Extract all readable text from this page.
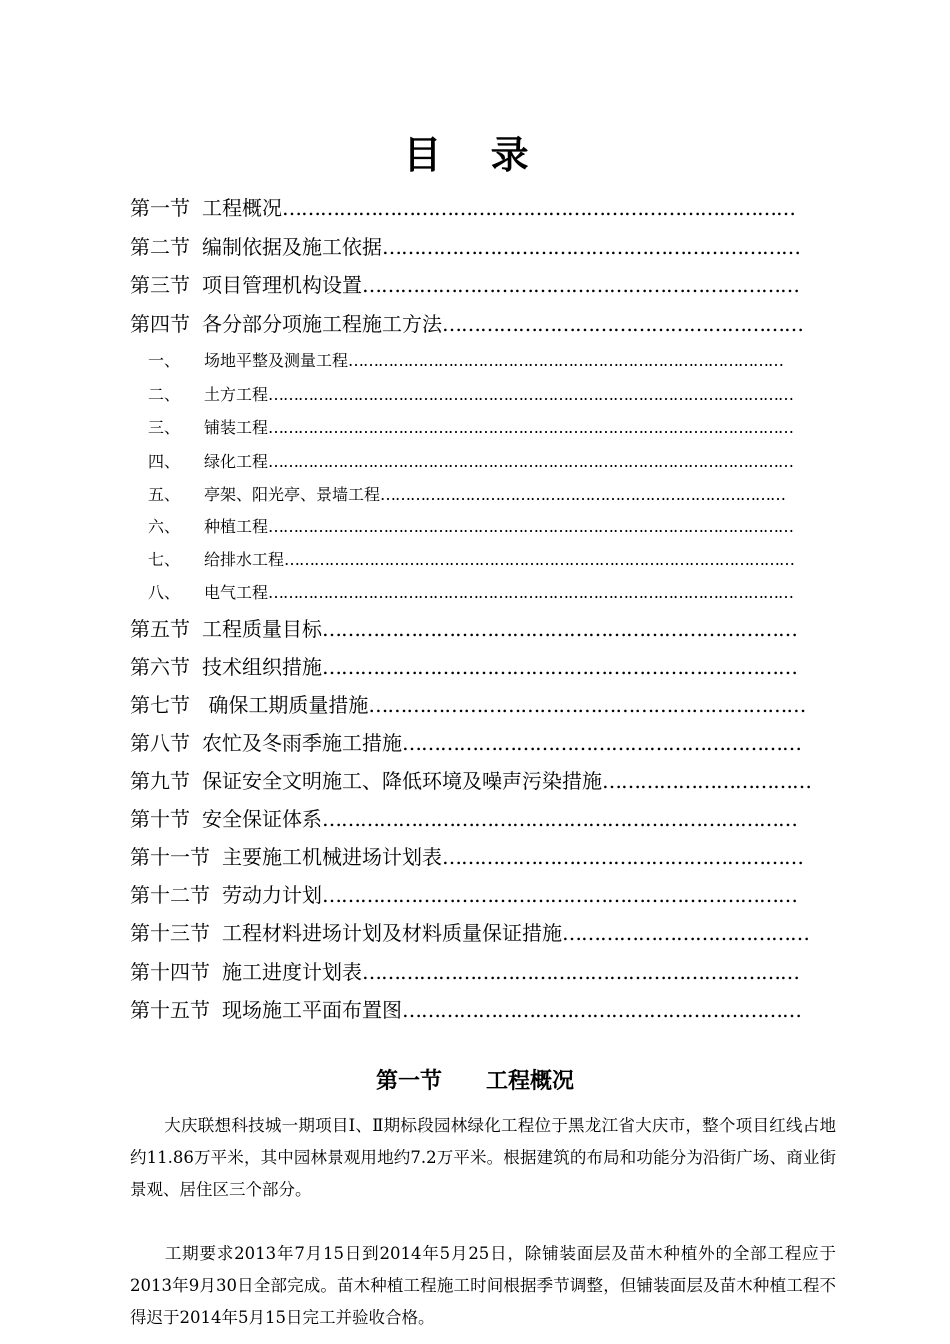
目 录
第一节 工程概况………………………………………………………………………
第二节 编制依据及施工依据…………………………………………………………
第三节 项目管理机构设置……………………………………………………………
第四节 各分部分项施工程施工方法…………………………………………………
一、 场地平整及测量工程……………………………………………………………………………
二、 土方工程……………………………………………………………………………………………
三、 铺装工程……………………………………………………………………………………………
四、 绿化工程……………………………………………………………………………………………
五、 亭架、阳光亭、景墙工程………………………………………………………………………
六、 种植工程……………………………………………………………………………………………
七、 给排水工程…………………………………………………………………………………………
八、 电气工程……………………………………………………………………………………………
第五节 工程质量目标…………………………………………………………………
第六节 技术组织措施…………………………………………………………………
第七节 确保工期质量措施……………………………………………………………
第八节 农忙及冬雨季施工措施………………………………………………………
第九节 保证安全文明施工、降低环境及噪声污染措施……………………………
第十节 安全保证体系…………………………………………………………………
第十一节 主要施工机械进场计划表…………………………………………………
第十二节 劳动力计划…………………………………………………………………
第十三节 工程材料进场计划及材料质量保证措施…………………………………
第十四节 施工进度计划表……………………………………………………………
第十五节 现场施工平面布置图………………………………………………………
第一节 工程概况
大庆联想科技城一期项目Ⅰ、Ⅱ期标段园林绿化工程位于黑龙江省大庆市，整个项目红线占地约11.86万平米，其中园林景观用地约7.2万平米。根据建筑的布局和功能分为沿街广场、商业街景观、居住区三个部分。
工期要求2013年7月15日到2014年5月25日，除铺装面层及苗木种植外的全部工程应于2013年9月30日全部完成。苗木种植工程施工时间根据季节调整，但铺装面层及苗木种植工程不得迟于2014年5月15日完工并验收合格。
